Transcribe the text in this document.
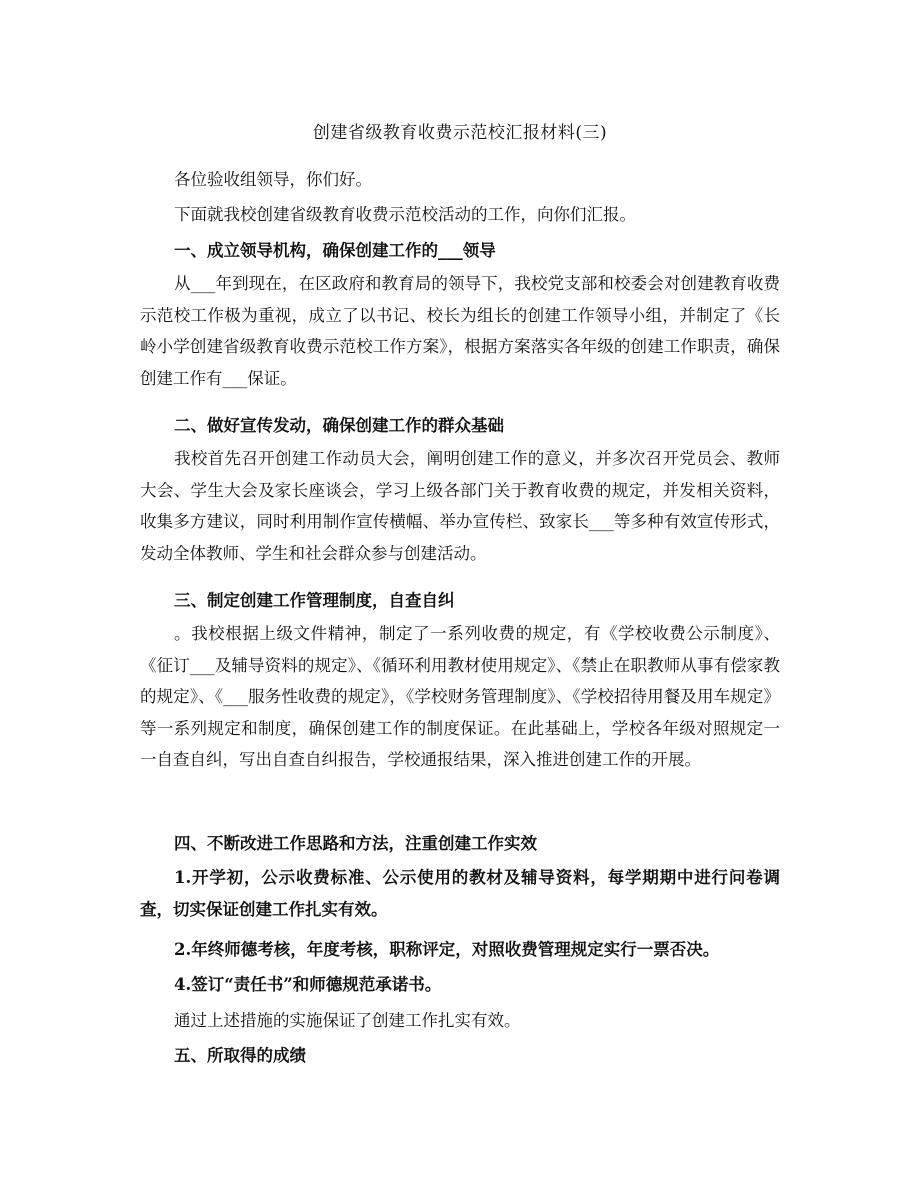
创建省级教育收费示范校汇报材料(三)

各位验收组领导，你们好。

下面就我校创建省级教育收费示范校活动的工作，向你们汇报。

一、成立领导机构，确保创建工作的___领导

从___年到现在，在区政府和教育局的领导下，我校党支部和校委会对创建教育收费示范校工作极为重视，成立了以书记、校长为组长的创建工作领导小组，并制定了《长岭小学创建省级教育收费示范校工作方案》，根据方案落实各年级的创建工作职责，确保创建工作有___保证。

二、做好宣传发动，确保创建工作的群众基础

我校首先召开创建工作动员大会，阐明创建工作的意义，并多次召开党员会、教师大会、学生大会及家长座谈会，学习上级各部门关于教育收费的规定，并发相关资料，收集多方建议，同时利用制作宣传横幅、举办宣传栏、致家长___等多种有效宣传形式，发动全体教师、学生和社会群众参与创建活动。

三、制定创建工作管理制度，自查自纠

。我校根据上级文件精神，制定了一系列收费的规定，有《学校收费公示制度》、《征订___及辅导资料的规定》、《循环利用教材使用规定》、《禁止在职教师从事有偿家教的规定》、《___服务性收费的规定》，《学校财务管理制度》、《学校招待用餐及用车规定》等一系列规定和制度，确保创建工作的制度保证。在此基础上，学校各年级对照规定一一自查自纠，写出自查自纠报告，学校通报结果，深入推进创建工作的开展。

四、不断改进工作思路和方法，注重创建工作实效

1.开学初，公示收费标准、公示使用的教材及辅导资料，每学期期中进行问卷调查，切实保证创建工作扎实有效。

2.年终师德考核，年度考核，职称评定，对照收费管理规定实行一票否决。

4.签订“责任书”和师德规范承诺书。

通过上述措施的实施保证了创建工作扎实有效。

五、所取得的成绩
